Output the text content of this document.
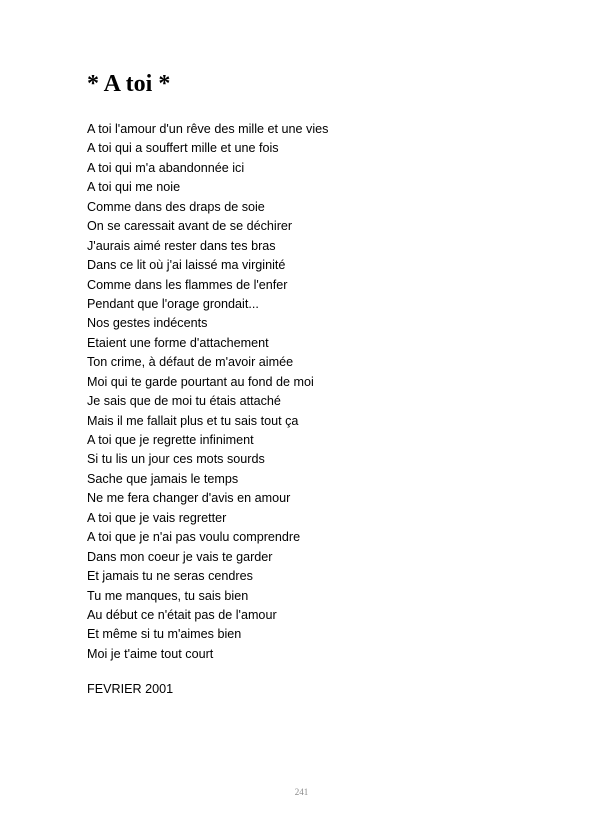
* A toi *
A toi l'amour d'un rêve des mille et une vies
A toi qui a souffert mille et une fois
A toi qui m'a abandonnée ici
A toi qui me noie
Comme dans des draps de soie
On se caressait avant de se déchirer
J'aurais aimé rester dans tes bras
Dans ce lit où j'ai laissé ma virginité
Comme dans les flammes de l'enfer
Pendant que l'orage grondait...
Nos gestes indécents
Etaient une forme d'attachement
Ton crime, à défaut de m'avoir aimée
Moi qui te garde pourtant au fond de moi
Je sais que de moi tu étais attaché
Mais il me fallait plus et tu sais tout ça
A toi que je regrette infiniment
Si tu lis un jour ces mots sourds
Sache que jamais le temps
Ne me fera changer d'avis en amour
A toi que je vais regretter
A toi que je n'ai pas voulu comprendre
Dans mon coeur je vais te garder
Et jamais tu ne seras cendres
Tu me manques, tu sais bien
Au début ce n'était pas de l'amour
Et même si tu m'aimes bien
Moi je t'aime tout court

FEVRIER 2001

241
